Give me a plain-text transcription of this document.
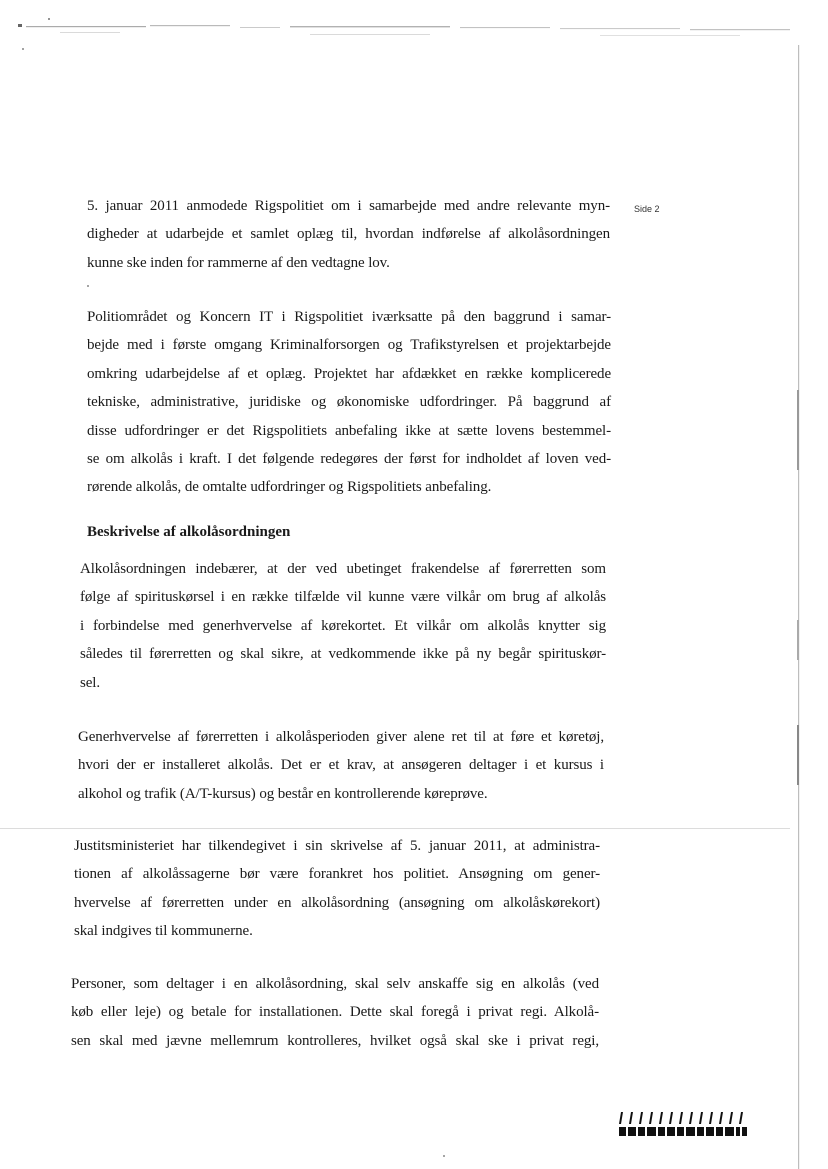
Side 2
5. januar 2011 anmodede Rigspolitiet om i samarbejde med andre relevante myn-
digheder at udarbejde et samlet oplæg til, hvordan indførelse af alkolåsordningen
kunne ske inden for rammerne af den vedtagne lov.
Politiområdet og Koncern IT i Rigspolitiet iværksatte på den baggrund i samar-
bejde med i første omgang Kriminalforsorgen og Trafikstyrelsen et projektarbejde
omkring udarbejdelse af et oplæg. Projektet har afdækket en række komplicerede
tekniske, administrative, juridiske og økonomiske udfordringer. På baggrund af
disse udfordringer er det Rigspolitiets anbefaling ikke at sætte lovens bestemmel-
se om alkolås i kraft. I det følgende redegøres der først for indholdet af loven ved-
rørende alkolås, de omtalte udfordringer og Rigspolitiets anbefaling.
Beskrivelse af alkolåsordningen
Alkolåsordningen indebærer, at der ved ubetinget frakendelse af førerretten som
følge af spirituskørsel i en række tilfælde vil kunne være vilkår om brug af alkolås
i forbindelse med generhvervelse af kørekortet. Et vilkår om alkolås knytter sig
således til førerretten og skal sikre, at vedkommende ikke på ny begår spirituskør-
sel.
Generhvervelse af førerretten i alkolåsperioden giver alene ret til at føre et køretøj,
hvori der er installeret alkolås. Det er et krav, at ansøgeren deltager i et kursus i
alkohol og trafik (A/T-kursus) og består en kontrollerende køreprøve.
Justitsministeriet har tilkendegivet i sin skrivelse af 5. januar 2011, at administra-
tionen af alkolåssagerne bør være forankret hos politiet. Ansøgning om gener-
hvervelse af førerretten under en alkolåsordning (ansøgning om alkolåskørekort)
skal indgives til kommunerne.
Personer, som deltager i en alkolåsordning, skal selv anskaffe sig en alkolås (ved
køb eller leje) og betale for installationen. Dette skal foregå i privat regi. Alkolå-
sen skal med jævne mellemrum kontrolleres, hvilket også skal ske i privat regi,
